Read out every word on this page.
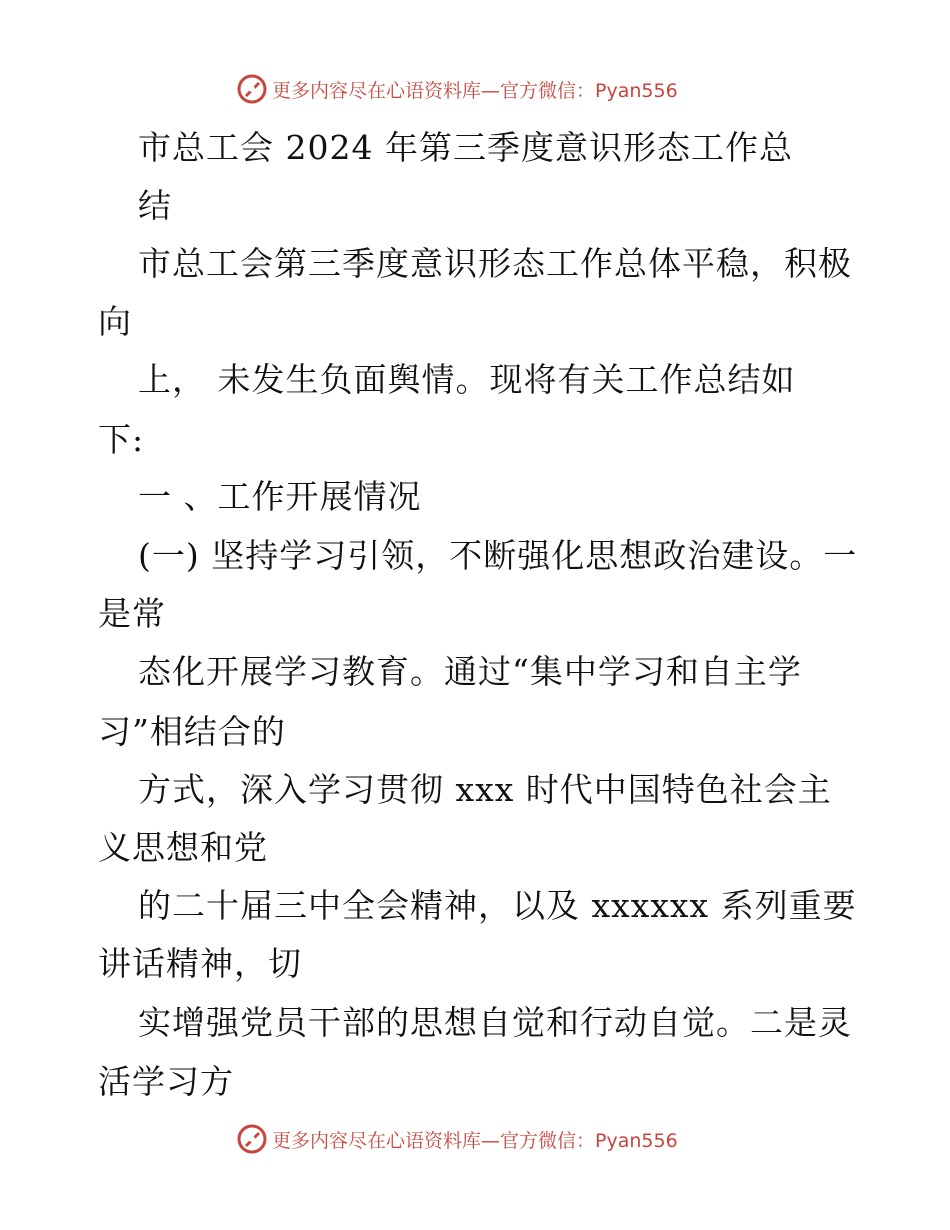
更多内容尽在心语资料库—官方微信：Pyan556
市总工会 2024 年第三季度意识形态工作总
结
市总工会第三季度意识形态工作总体平稳，积极
向
上， 未发生负面舆情。现将有关工作总结如
下:
一 、工作开展情况
(一) 坚持学习引领，不断强化思想政治建设。一
是常
态化开展学习教育。通过“集中学习和自主学
习”相结合的
方式，深入学习贯彻 xxx 时代中国特色社会主
义思想和党
的二十届三中全会精神，以及 xxxxxx 系列重要
讲话精神，切
实增强党员干部的思想自觉和行动自觉。二是灵
活学习方
更多内容尽在心语资料库—官方微信：Pyan556
